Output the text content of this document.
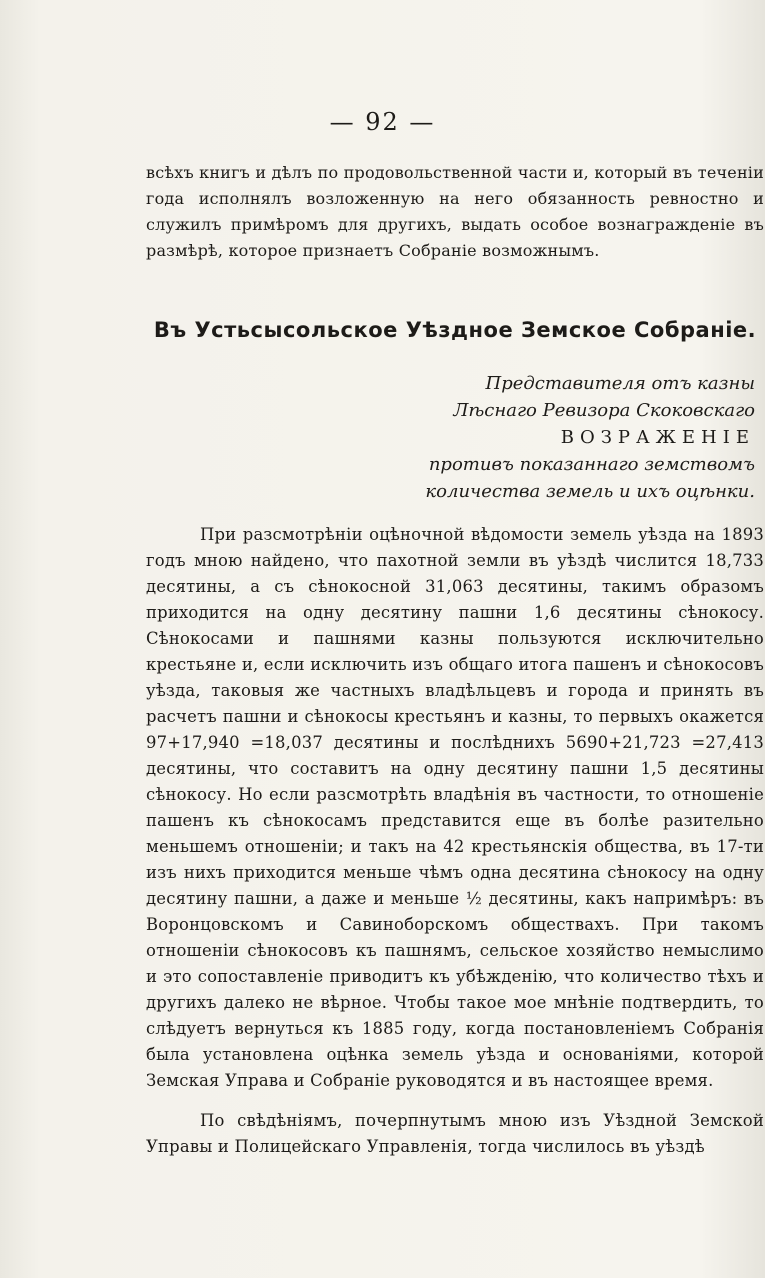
— 92 —

всѣхъ книгъ и дѣлъ по продовольственной части и, который въ теченіи года исполнялъ возложенную на него обязанность ревностно и служилъ примѣромъ для другихъ, выдать особое вознагражденіе въ размѣрѣ, которое признаетъ Собраніе возможнымъ.

Въ Устьсысольское Уѣздное Земское Собраніе.
Представителя отъ казны
Лѣснаго Ревизора Скоковскаго
ВОЗРАЖЕНІЕ
противъ показаннаго земствомъ
количества земель и ихъ оцѣнки.

При разсмотрѣніи оцѣночной вѣдомости земель уѣзда на 1893 годъ мною найдено, что пахотной земли въ уѣздѣ числится 18,733 десятины, а съ сѣнокосной 31,063 десятины, такимъ образомъ приходится на одну десятину пашни 1,6 десятины сѣнокосу. Сѣнокосами и пашнями казны пользуются исключительно крестьяне и, если исключить изъ общаго итога пашенъ и сѣнокосовъ уѣзда, таковыя же частныхъ владѣльцевъ и города и принять въ расчетъ пашни и сѣнокосы крестьянъ и казны, то первыхъ окажется 97+17,940 =18,037 десятины и послѣднихъ 5690+21,723 =27,413 десятины, что составитъ на одну десятину пашни 1,5 десятины сѣнокосу. Но если разсмотрѣть владѣнія въ частности, то отношеніе пашенъ къ сѣнокосамъ представится еще въ болѣе разительно меньшемъ отношеніи; и такъ на 42 крестьянскія общества, въ 17-ти изъ нихъ приходится меньше чѣмъ одна десятина сѣнокосу на одну десятину пашни, а даже и меньше ½ десятины, какъ напримѣръ: въ Воронцовскомъ и Савиноборскомъ обществахъ. При такомъ отношеніи сѣнокосовъ къ пашнямъ, сельское хозяйство немыслимо и это сопоставленіе приводитъ къ убѣжденію, что количество тѣхъ и другихъ далеко не вѣрное. Чтобы такое мое мнѣніе подтвердить, то слѣдуетъ вернуться къ 1885 году, когда постановленіемъ Собранія была установлена оцѣнка земель уѣзда и основаніями, которой Земская Управа и Собраніе руководятся и въ настоящее время.

По свѣдѣніямъ, почерпнутымъ мною изъ Уѣздной Земской Управы и Полицейскаго Управленія, тогда числилось въ уѣздѣ
